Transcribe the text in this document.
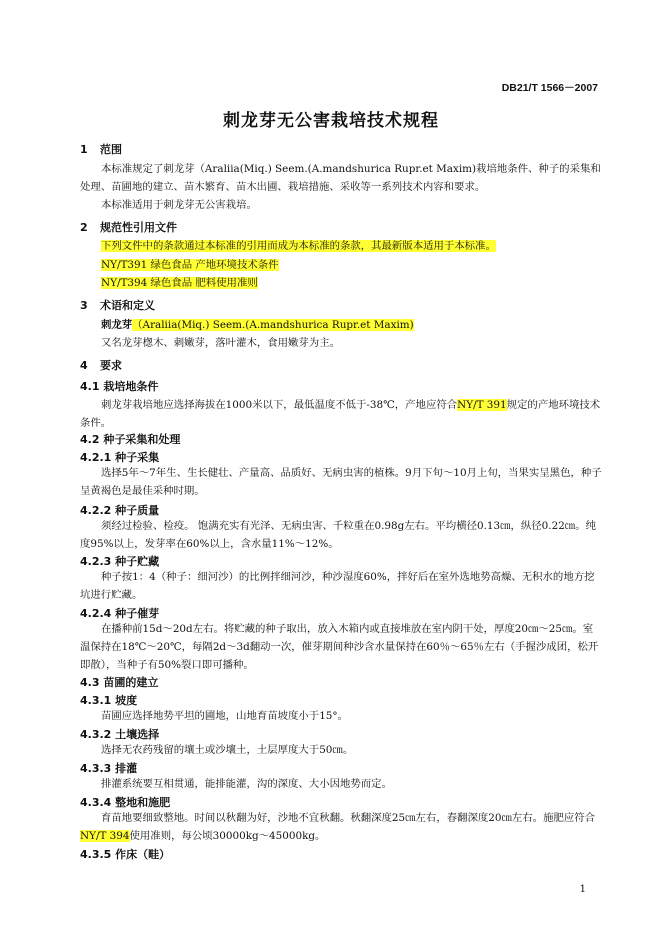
DB21/T 1566－2007
刺龙芽无公害栽培技术规程
1 范围
本标准规定了刺龙芽（Araliia(Miq.) Seem.(A.mandshurica Rupr.et Maxim)栽培地条件、种子的采集和处理、苗圃地的建立、苗木繁育、苗木出圃、栽培措施、采收等一系列技术内容和要求。
本标准适用于刺龙芽无公害栽培。
2 规范性引用文件
下列文件中的条款通过本标准的引用而成为本标准的条款，其最新版本适用于本标准。
NY/T391 绿色食品 产地环境技术条件
NY/T394 绿色食品 肥料使用准则
3 术语和定义
刺龙芽（Araliia(Miq.) Seem.(A.mandshurica Rupr.et Maxim)
又名龙芽楤木、刺嫩芽，落叶灌木，食用嫩芽为主。
4 要求
4.1 栽培地条件
刺龙芽栽培地应选择海拔在1000米以下，最低温度不低于-38℃，产地应符合NY/T 391规定的产地环境技术条件。
4.2 种子采集和处理
4.2.1 种子采集
选择5年～7年生、生长健壮、产量高、品质好、无病虫害的植株。9月下旬～10月上旬，当果实呈黑色，种子呈黄褐色是最佳采种时期。
4.2.2 种子质量
须经过检验、检疫。 饱满充实有光泽、无病虫害、千粒重在0.98g左右。平均横径0.13㎝，纵径0.22㎝。纯度95%以上，发芽率在60%以上，含水量11%～12%。
4.2.3 种子贮藏
种子按1：4（种子：细河沙）的比例拌细河沙，种沙湿度60%，拌好后在室外选地势高燥、无积水的地方挖坑进行贮藏。
4.2.4 种子催芽
在播种前15d～20d左右。将贮藏的种子取出，放入木箱内或直接堆放在室内阴干处，厚度20㎝～25㎝。室温保持在18℃～20℃，每隔2d～3d翻动一次，催芽期间种沙含水量保持在60％～65％左右（手握沙成团，松开即散），当种子有50%裂口即可播种。
4.3 苗圃的建立
4.3.1 坡度
苗圃应选择地势平坦的圃地，山地育苗坡度小于15°。
4.3.2 土壤选择
选择无农药残留的壤土或沙壤土，土层厚度大于50㎝。
4.3.3 排灌
排灌系统要互相贯通，能排能灌，沟的深度、大小因地势而定。
4.3.4 整地和施肥
育苗地要细致整地。时间以秋翻为好，沙地不宜秋翻。秋翻深度25㎝左右，春翻深度20㎝左右。施肥应符合NY/T 394使用准则，每公顷30000kg～45000kg。
4.3.5 作床（畦）
1
